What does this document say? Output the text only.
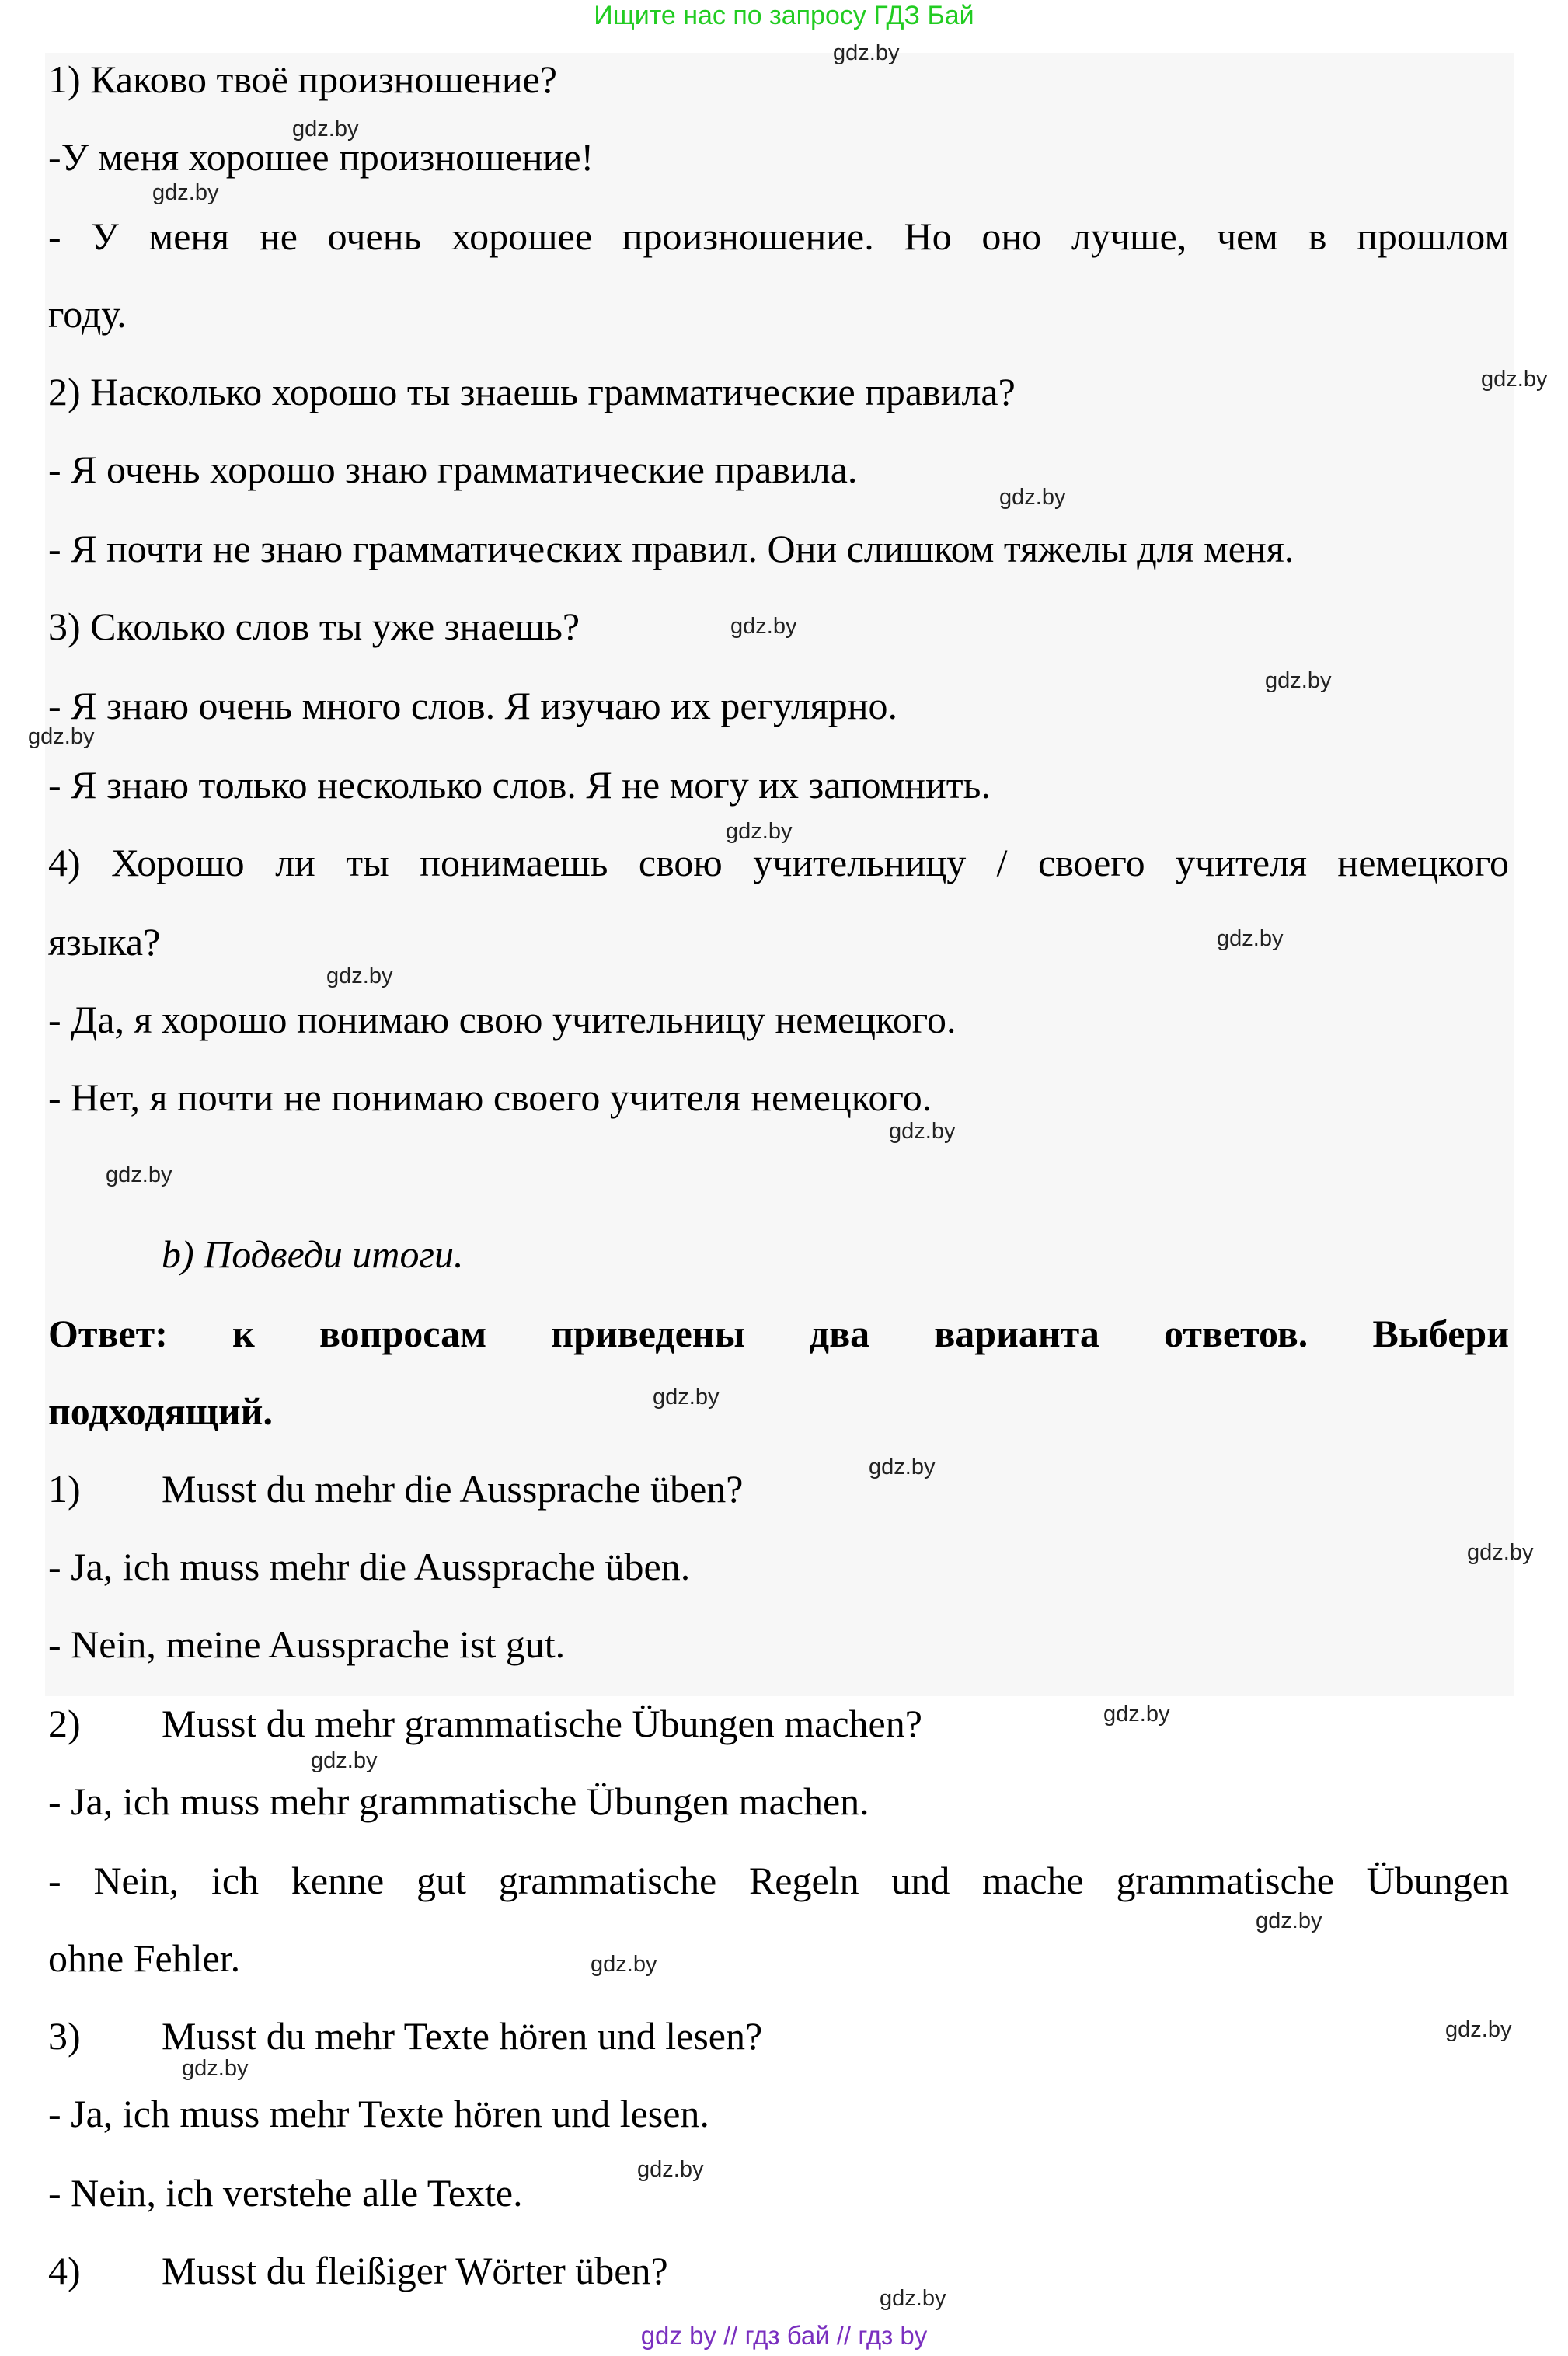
Ищите нас по запросу ГДЗ Бай
1) Каково твоё произношение?
-У меня хорошее произношение!
- У меня не очень хорошее произношение. Но оно лучше, чем в прошлом
году.
2) Насколько хорошо ты знаешь грамматические правила?
- Я очень хорошо знаю грамматические правила.
- Я почти не знаю грамматических правил. Они слишком тяжелы для меня.
3) Сколько слов ты уже знаешь?
- Я знаю очень много слов. Я изучаю их регулярно.
- Я знаю только несколько слов. Я не могу их запомнить.
4) Хорошо ли ты понимаешь свою учительницу / своего учителя немецкого
языка?
- Да, я хорошо понимаю свою учительницу немецкого.
- Нет, я почти не понимаю своего учителя немецкого.
b) Подведи итоги.
Ответ: к вопросам приведены два варианта ответов. Выбери
подходящий.
1) Musst du mehr die Aussprache üben?
- Ja, ich muss mehr die Aussprache üben.
- Nein, meine Aussprache ist gut.
2) Musst du mehr grammatische Übungen machen?
- Ja, ich muss mehr grammatische Übungen machen.
- Nein, ich kenne gut grammatische Regeln und mache grammatische Übungen
ohne Fehler.
3) Musst du mehr Texte hören und lesen?
- Ja, ich muss mehr Texte hören und lesen.
- Nein, ich verstehe alle Texte.
4) Musst du fleißiger Wörter üben?
gdz.by
gdz.by
gdz.by
gdz.by
gdz.by
gdz.by
gdz.by
gdz.by
gdz.by
gdz.by
gdz.by
gdz.by
gdz.by
gdz.by
gdz.by
gdz.by
gdz.by
gdz.by
gdz.by
gdz.by
gdz.by
gdz.by
gdz.by
gdz.by
gdz by // гдз бай // гдз by
